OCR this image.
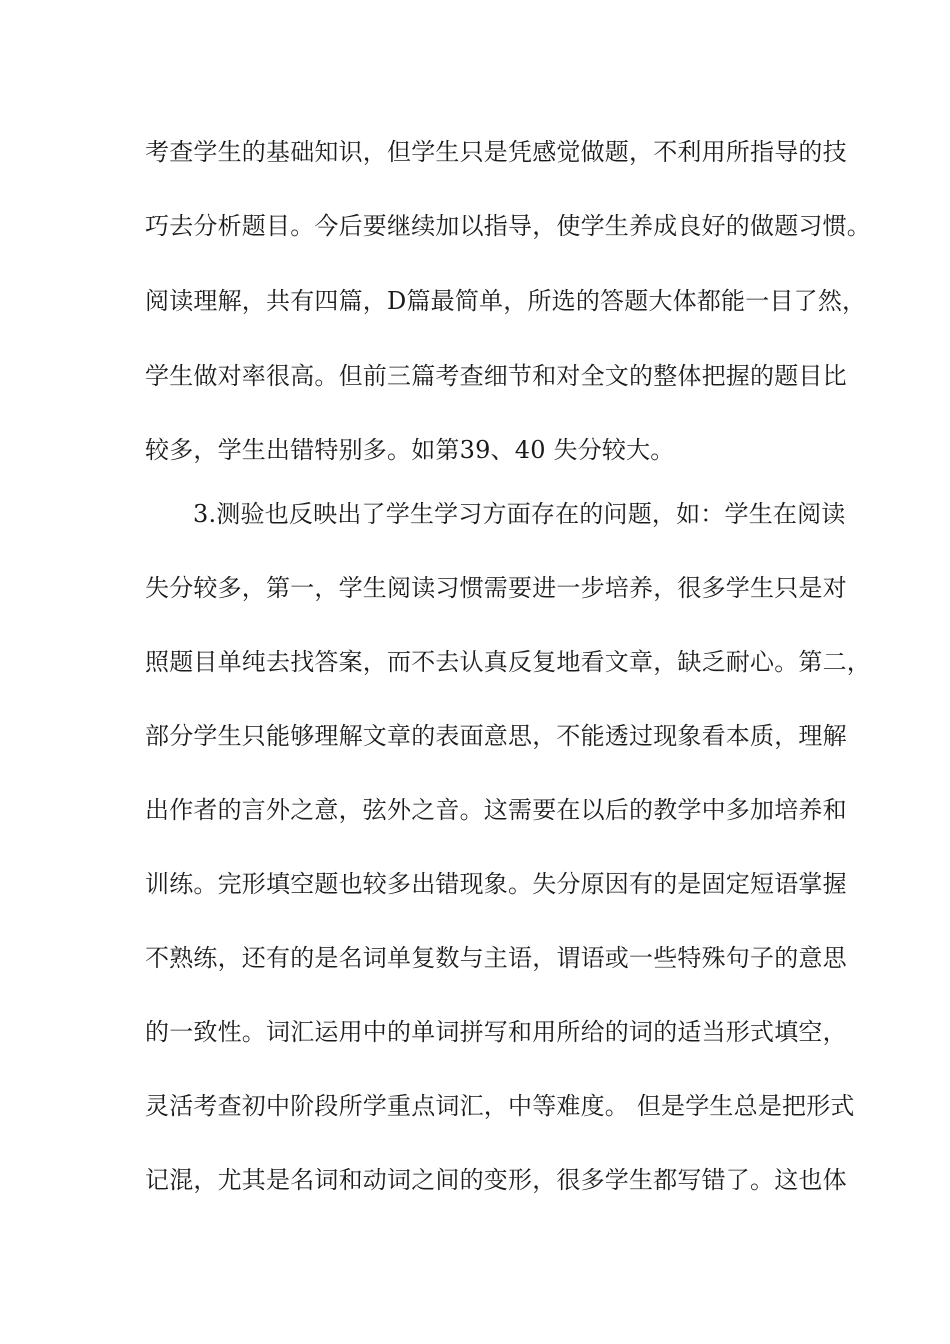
考查学生的基础知识，但学生只是凭感觉做题，不利用所指导的技
巧去分析题目。今后要继续加以指导，使学生养成良好的做题习惯。
阅读理解，共有四篇，D篇最简单，所选的答题大体都能一目了然，
学生做对率很高。但前三篇考查细节和对全文的整体把握的题目比
较多，学生出错特别多。如第39、40 失分较大。
3.测验也反映出了学生学习方面存在的问题，如：学生在阅读
失分较多，第一，学生阅读习惯需要进一步培养，很多学生只是对
照题目单纯去找答案，而不去认真反复地看文章，缺乏耐心。第二，
部分学生只能够理解文章的表面意思，不能透过现象看本质，理解
出作者的言外之意，弦外之音。这需要在以后的教学中多加培养和
训练。完形填空题也较多出错现象。失分原因有的是固定短语掌握
不熟练，还有的是名词单复数与主语，谓语或一些特殊句子的意思
的一致性。词汇运用中的单词拼写和用所给的词的适当形式填空，
灵活考查初中阶段所学重点词汇，中等难度。 但是学生总是把形式
记混，尤其是名词和动词之间的变形，很多学生都写错了。这也体
